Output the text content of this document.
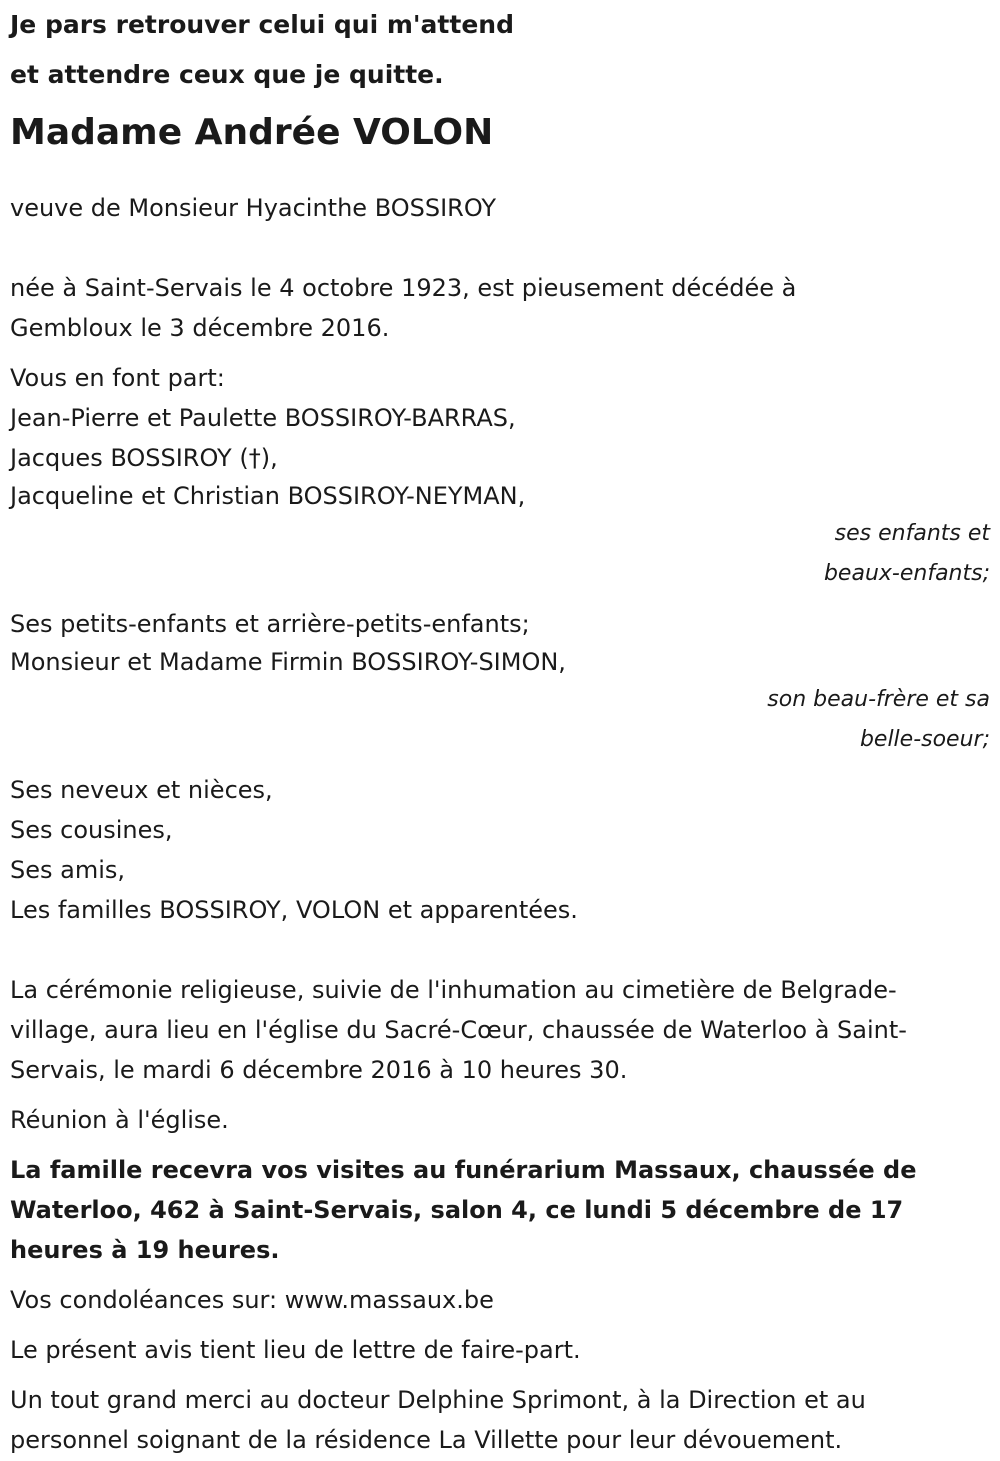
Je pars retrouver celui qui m'attend
et attendre ceux que je quitte.
Madame Andrée VOLON
veuve de Monsieur Hyacinthe BOSSIROY
née à Saint-Servais le 4 octobre 1923, est pieusement décédée à
Gembloux le 3 décembre 2016.
Vous en font part:
Jean-Pierre et Paulette BOSSIROY-BARRAS,
Jacques BOSSIROY (†),
Jacqueline et Christian BOSSIROY-NEYMAN,
ses enfants et
beaux-enfants;
Ses petits-enfants et arrière-petits-enfants;
Monsieur et Madame Firmin BOSSIROY-SIMON,
son beau-frère et sa
belle-soeur;
Ses neveux et nièces,
Ses cousines,
Ses amis,
Les familles BOSSIROY, VOLON et apparentées.
La cérémonie religieuse, suivie de l'inhumation au cimetière de Belgrade-
village, aura lieu en l'église du Sacré-Cœur, chaussée de Waterloo à Saint-
Servais, le mardi 6 décembre 2016 à 10 heures 30.
Réunion à l'église.
La famille recevra vos visites au funérarium Massaux, chaussée de
Waterloo, 462 à Saint-Servais, salon 4, ce lundi 5 décembre de 17
heures à 19 heures.
Vos condoléances sur: www.massaux.be
Le présent avis tient lieu de lettre de faire-part.
Un tout grand merci au docteur Delphine Sprimont, à la Direction et au
personnel soignant de la résidence La Villette pour leur dévouement.
